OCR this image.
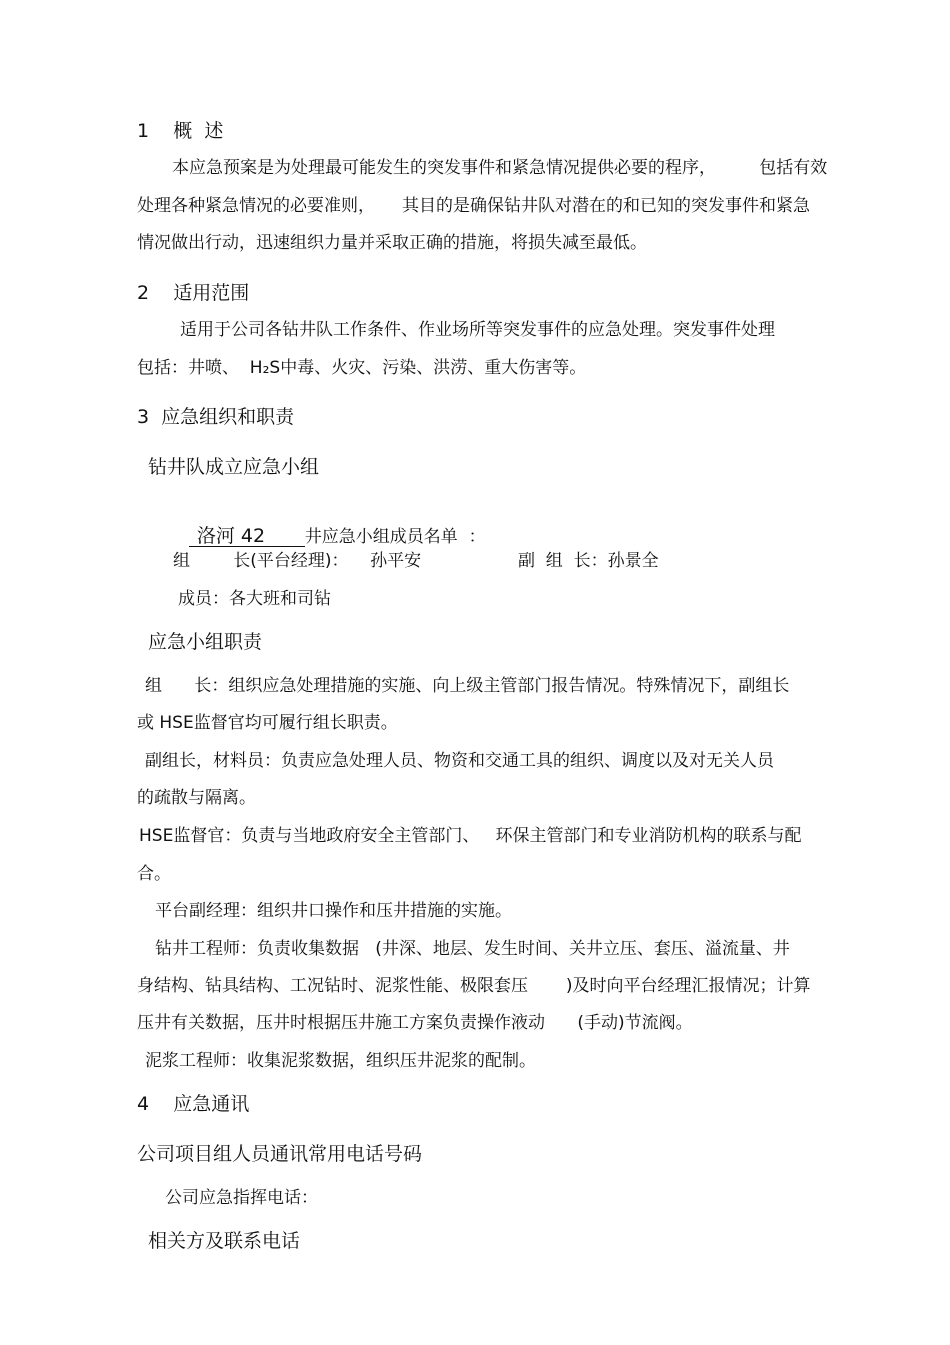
1    概  述
本应急预案是为处理最可能发生的突发事件和紧急情况提供必要的程序，        包括有效
处理各种紧急情况的必要准则，     其目的是确保钻井队对潜在的和已知的突发事件和紧急
情况做出行动，迅速组织力量并采取正确的措施，将损失减至最低。
2    适用范围
适用于公司各钻井队工作条件、作业场所等突发事件的应急处理。突发事件处理
包括：井喷、  H₂S中毒、火灾、污染、洪涝、重大伤害等。
3  应急组织和职责
钻井队成立应急小组

洛河 42 井应急小组成员名单  ：

组        长(平台经理)：    孙平安	副  组  长：孙景全
成员：各大班和司钻
应急小组职责
组      长：组织应急处理措施的实施、向上级主管部门报告情况。特殊情况下，副组长
或 HSE监督官均可履行组长职责。
副组长，材料员：负责应急处理人员、物资和交通工具的组织、调度以及对无关人员
的疏散与隔离。
HSE监督官：负责与当地政府安全主管部门、   环保主管部门和专业消防机构的联系与配
合。
平台副经理：组织井口操作和压井措施的实施。
钻井工程师：负责收集数据   (井深、地层、发生时间、关井立压、套压、溢流量、井
身结构、钻具结构、工况钻时、泥浆性能、极限套压       )及时向平台经理汇报情况；计算
压井有关数据，压井时根据压井施工方案负责操作液动      (手动)节流阀。
泥浆工程师：收集泥浆数据，组织压井泥浆的配制。
4    应急通讯
公司项目组人员通讯常用电话号码
公司应急指挥电话：
相关方及联系电话
